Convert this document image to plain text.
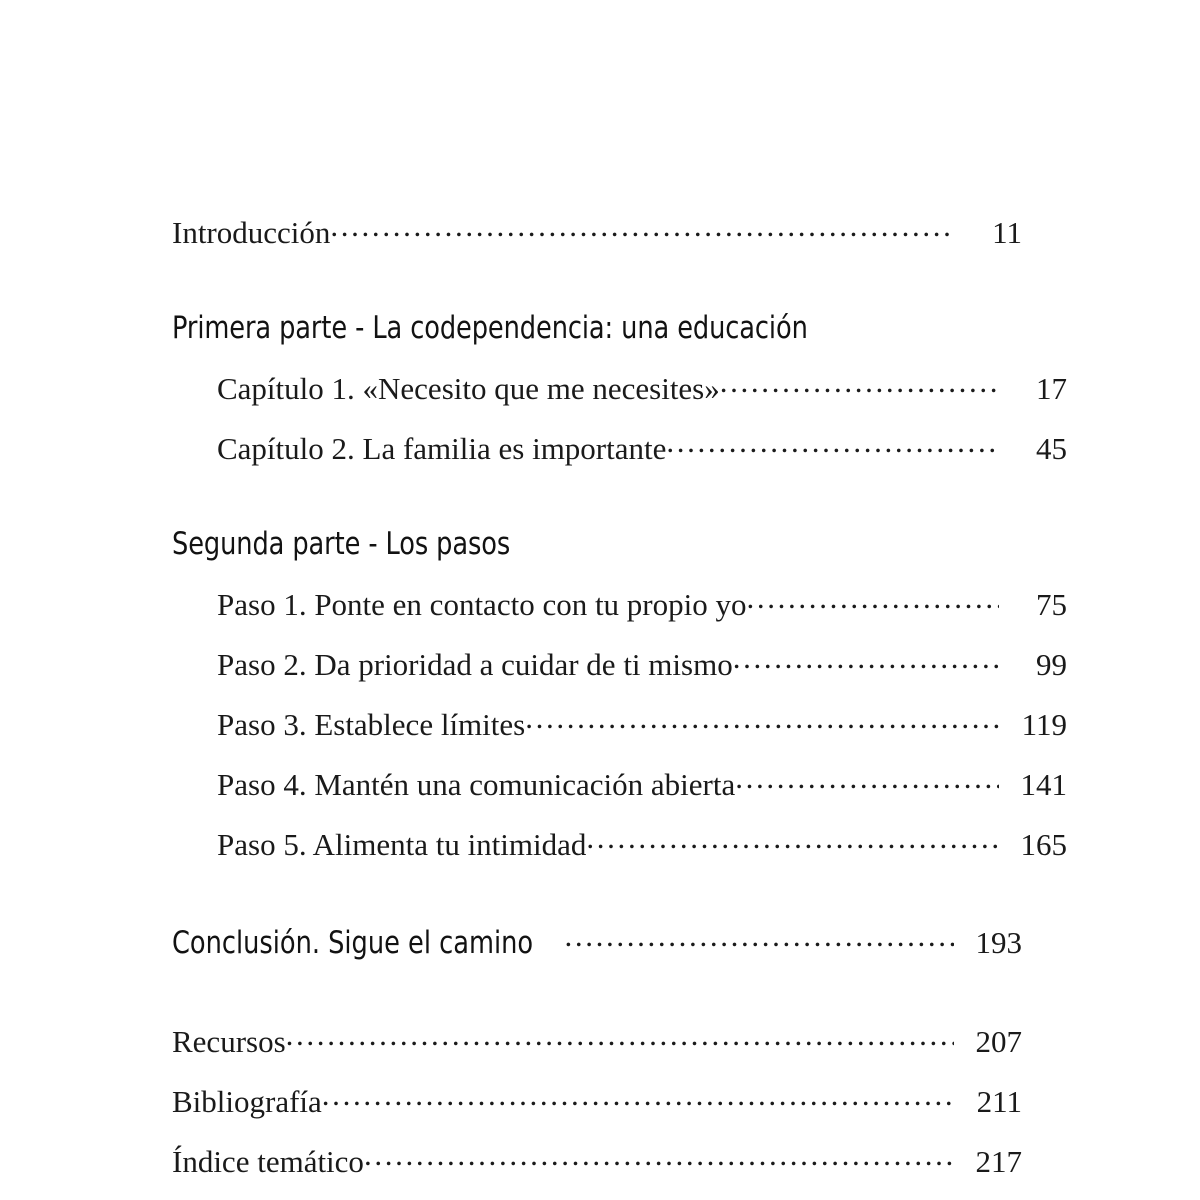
Introducción .....	11
Primera parte - La codependencia: una educación
Capítulo 1. «Necesito que me necesites» .....	17
Capítulo 2. La familia es importante .....	45
Segunda parte - Los pasos
Paso 1. Ponte en contacto con tu propio yo .....	75
Paso 2. Da prioridad a cuidar de ti mismo .....	99
Paso 3. Establece límites .....	119
Paso 4. Mantén una comunicación abierta .....	141
Paso 5. Alimenta tu intimidad .....	165
Conclusión. Sigue el camino .....	193
Recursos .....	207
Bibliografía .....	211
Índice temático .....	217
.....
